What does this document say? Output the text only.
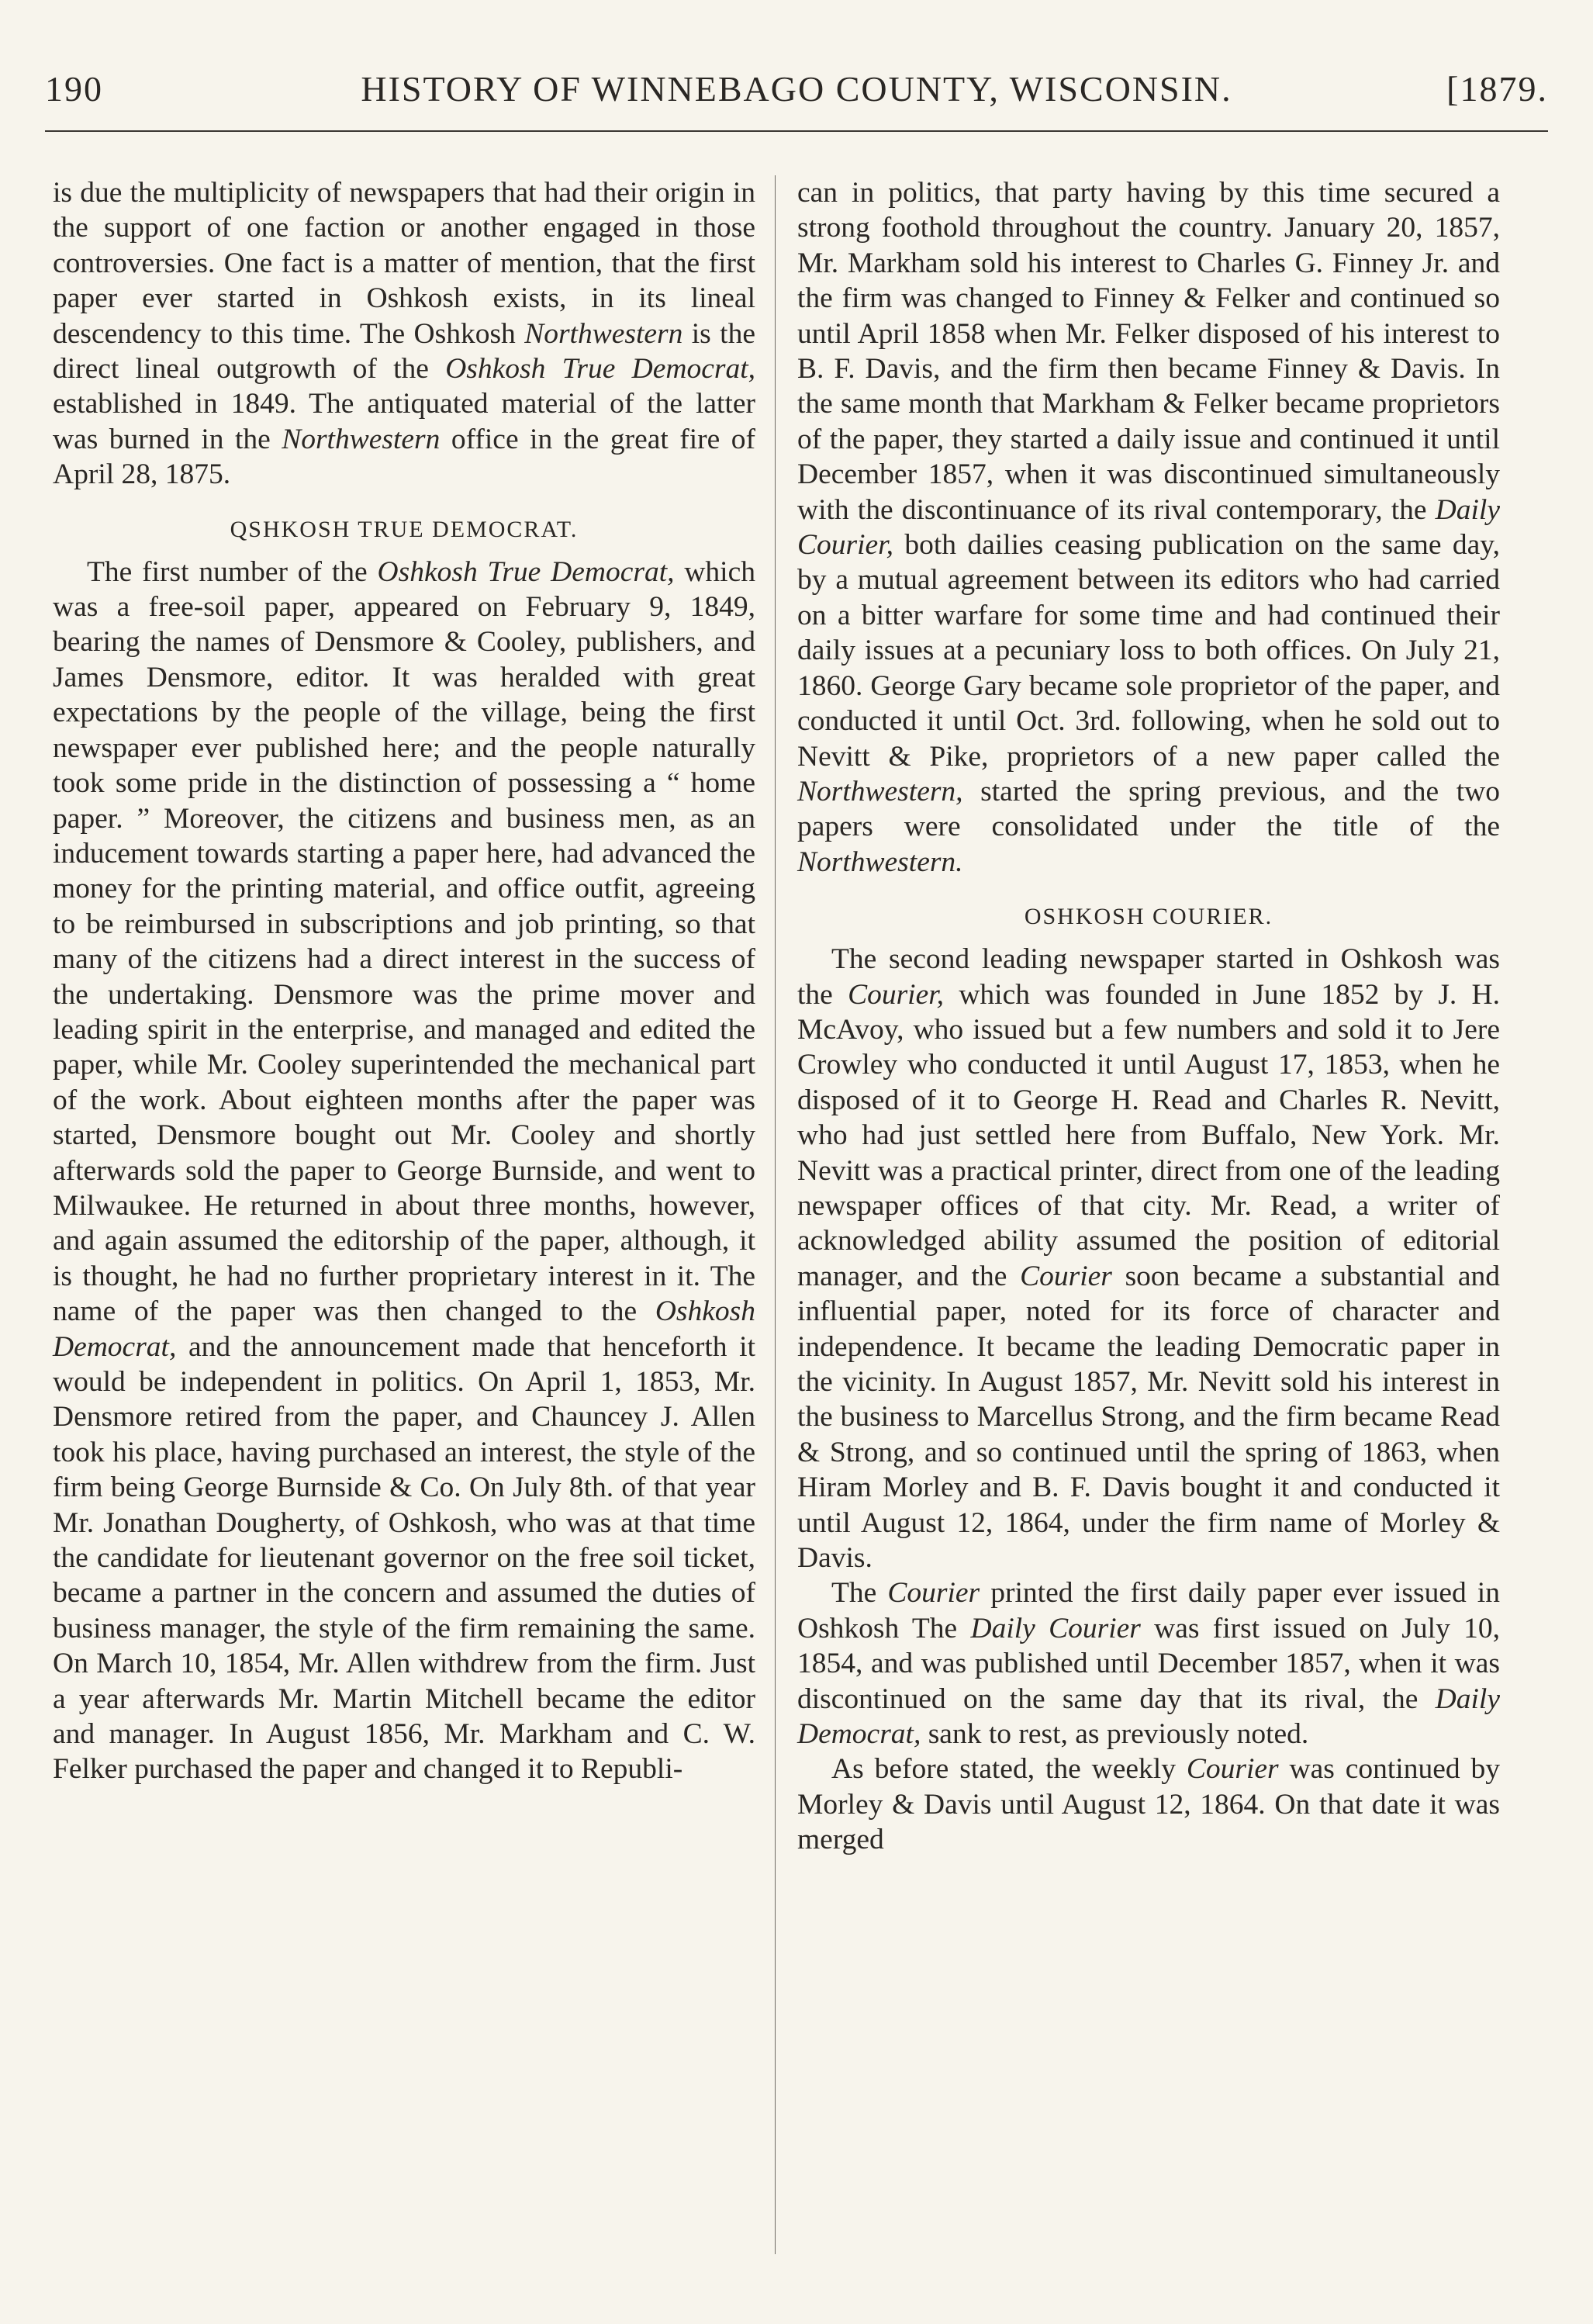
190	HISTORY OF WINNEBAGO COUNTY, WISCONSIN.	[1879.

is due the multiplicity of newspapers that had their origin in the support of one faction or another engaged in those controversies. One fact is a matter of mention, that the first paper ever started in Oshkosh exists, in its lineal descendency to this time. The Oshkosh Northwestern is the direct lineal outgrowth of the Oshkosh True Democrat, established in 1849. The antiquated material of the latter was burned in the Northwestern office in the great fire of April 28, 1875.

QSHKOSH TRUE DEMOCRAT.

The first number of the Oshkosh True Democrat, which was a free-soil paper, appeared on February 9, 1849, bearing the names of Densmore & Cooley, publishers, and James Densmore, editor. It was heralded with great expectations by the people of the village, being the first newspaper ever published here; and the people naturally took some pride in the distinction of possessing a “ home paper. ” Moreover, the citizens and business men, as an inducement towards starting a paper here, had advanced the money for the printing material, and office outfit, agreeing to be reimbursed in subscriptions and job printing, so that many of the citizens had a direct interest in the success of the undertaking. Densmore was the prime mover and leading spirit in the enterprise, and managed and edited the paper, while Mr. Cooley superintended the mechanical part of the work. About eighteen months after the paper was started, Densmore bought out Mr. Cooley and shortly afterwards sold the paper to George Burnside, and went to Milwaukee. He returned in about three months, however, and again assumed the editorship of the paper, although, it is thought, he had no further proprietary interest in it. The name of the paper was then changed to the Oshkosh Democrat, and the announcement made that henceforth it would be independent in politics. On April 1, 1853, Mr. Densmore retired from the paper, and Chauncey J. Allen took his place, having purchased an interest, the style of the firm being George Burnside & Co. On July 8th. of that year Mr. Jonathan Dougherty, of Oshkosh, who was at that time the candidate for lieutenant governor on the free soil ticket, became a partner in the concern and assumed the duties of business manager, the style of the firm remaining the same. On March 10, 1854, Mr. Allen withdrew from the firm. Just a year afterwards Mr. Martin Mitchell became the editor and manager. In August 1856, Mr. Markham and C. W. Felker purchased the paper and changed it to Republi-

can in politics, that party having by this time secured a strong foothold throughout the country. January 20, 1857, Mr. Markham sold his interest to Charles G. Finney Jr. and the firm was changed to Finney & Felker and continued so until April 1858 when Mr. Felker disposed of his interest to B. F. Davis, and the firm then became Finney & Davis. In the same month that Markham & Felker became proprietors of the paper, they started a daily issue and continued it until December 1857, when it was discontinued simultaneously with the discontinuance of its rival contemporary, the Daily Courier, both dailies ceasing publication on the same day, by a mutual agreement between its editors who had carried on a bitter warfare for some time and had continued their daily issues at a pecuniary loss to both offices. On July 21, 1860. George Gary became sole proprietor of the paper, and conducted it until Oct. 3rd. following, when he sold out to Nevitt & Pike, proprietors of a new paper called the Northwestern, started the spring previous, and the two papers were consolidated under the title of the Northwestern.

OSHKOSH COURIER.

The second leading newspaper started in Oshkosh was the Courier, which was founded in June 1852 by J. H. McAvoy, who issued but a few numbers and sold it to Jere Crowley who conducted it until August 17, 1853, when he disposed of it to George H. Read and Charles R. Nevitt, who had just settled here from Buffalo, New York. Mr. Nevitt was a practical printer, direct from one of the leading newspaper offices of that city. Mr. Read, a writer of acknowledged ability assumed the position of editorial manager, and the Courier soon became a substantial and influential paper, noted for its force of character and independence. It became the leading Democratic paper in the vicinity. In August 1857, Mr. Nevitt sold his interest in the business to Marcellus Strong, and the firm became Read & Strong, and so continued until the spring of 1863, when Hiram Morley and B. F. Davis bought it and conducted it until August 12, 1864, under the firm name of Morley & Davis.

The Courier printed the first daily paper ever issued in Oshkosh The Daily Courier was first issued on July 10, 1854, and was published until December 1857, when it was discontinued on the same day that its rival, the Daily Democrat, sank to rest, as previously noted.

As before stated, the weekly Courier was continued by Morley & Davis until August 12, 1864. On that date it was merged
